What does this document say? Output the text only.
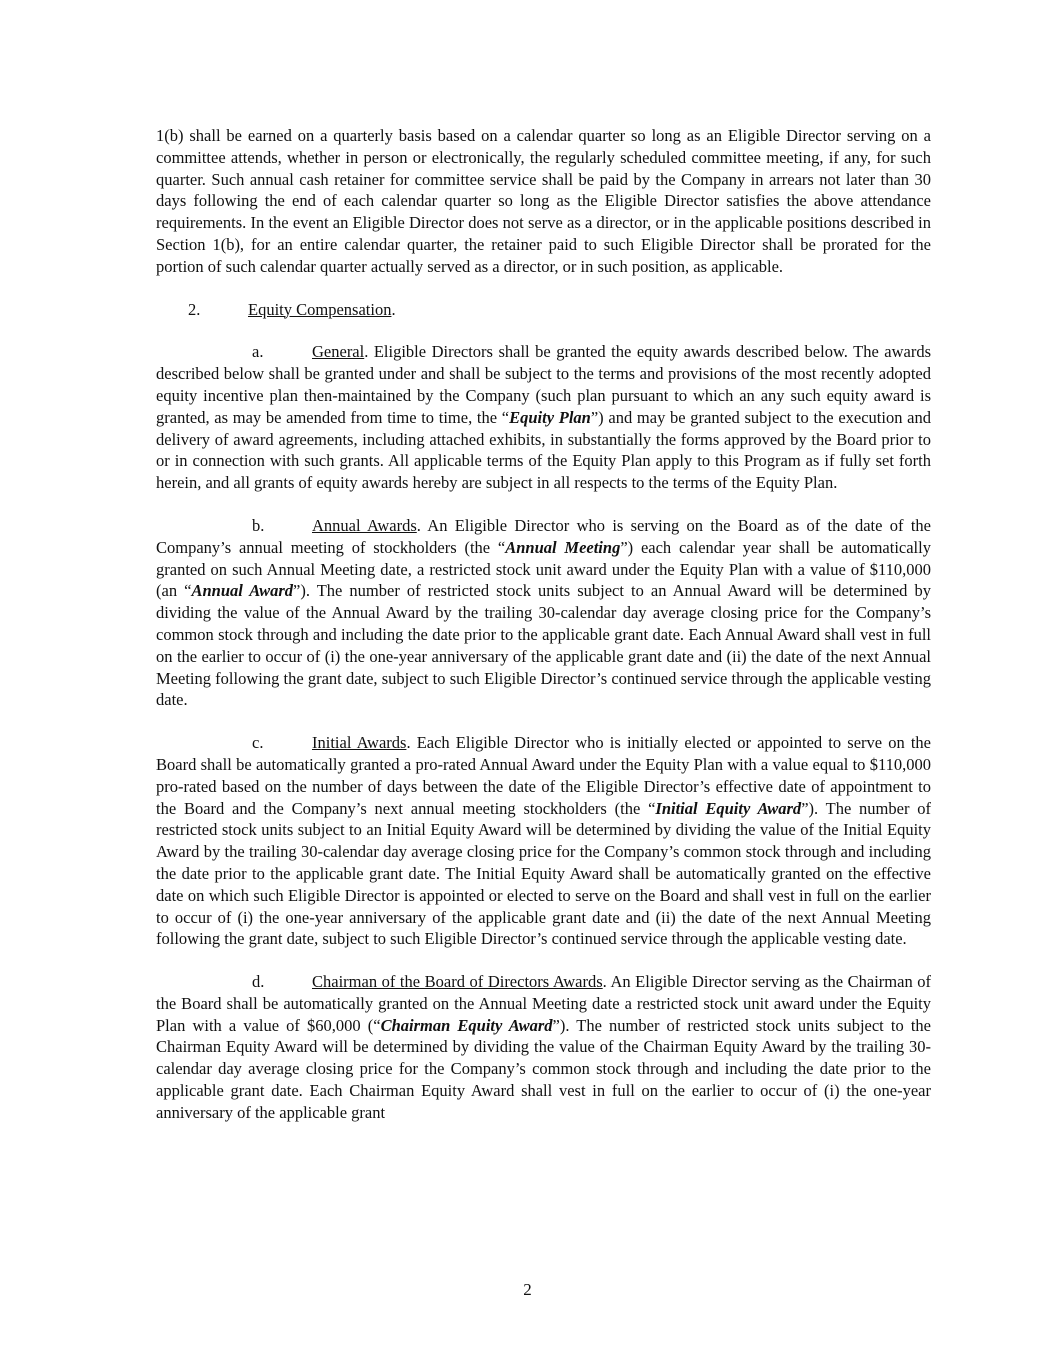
1(b) shall be earned on a quarterly basis based on a calendar quarter so long as an Eligible Director serving on a committee attends, whether in person or electronically, the regularly scheduled committee meeting, if any, for such quarter. Such annual cash retainer for committee service shall be paid by the Company in arrears not later than 30 days following the end of each calendar quarter so long as the Eligible Director satisfies the above attendance requirements. In the event an Eligible Director does not serve as a director, or in the applicable positions described in Section 1(b), for an entire calendar quarter, the retainer paid to such Eligible Director shall be prorated for the portion of such calendar quarter actually served as a director, or in such position, as applicable.

2.	Equity Compensation.

a.	General. Eligible Directors shall be granted the equity awards described below. The awards described below shall be granted under and shall be subject to the terms and provisions of the most recently adopted equity incentive plan then-maintained by the Company (such plan pursuant to which an any such equity award is granted, as may be amended from time to time, the “Equity Plan”) and may be granted subject to the execution and delivery of award agreements, including attached exhibits, in substantially the forms approved by the Board prior to or in connection with such grants. All applicable terms of the Equity Plan apply to this Program as if fully set forth herein, and all grants of equity awards hereby are subject in all respects to the terms of the Equity Plan.

b.	Annual Awards. An Eligible Director who is serving on the Board as of the date of the Company’s annual meeting of stockholders (the “Annual Meeting”) each calendar year shall be automatically granted on such Annual Meeting date, a restricted stock unit award under the Equity Plan with a value of $110,000 (an “Annual Award”). The number of restricted stock units subject to an Annual Award will be determined by dividing the value of the Annual Award by the trailing 30-calendar day average closing price for the Company’s common stock through and including the date prior to the applicable grant date. Each Annual Award shall vest in full on the earlier to occur of (i) the one-year anniversary of the applicable grant date and (ii) the date of the next Annual Meeting following the grant date, subject to such Eligible Director’s continued service through the applicable vesting date.

c.	Initial Awards. Each Eligible Director who is initially elected or appointed to serve on the Board shall be automatically granted a pro-rated Annual Award under the Equity Plan with a value equal to $110,000 pro-rated based on the number of days between the date of the Eligible Director’s effective date of appointment to the Board and the Company’s next annual meeting stockholders (the “Initial Equity Award”). The number of restricted stock units subject to an Initial Equity Award will be determined by dividing the value of the Initial Equity Award by the trailing 30-calendar day average closing price for the Company’s common stock through and including the date prior to the applicable grant date. The Initial Equity Award shall be automatically granted on the effective date on which such Eligible Director is appointed or elected to serve on the Board and shall vest in full on the earlier to occur of (i) the one-year anniversary of the applicable grant date and (ii) the date of the next Annual Meeting following the grant date, subject to such Eligible Director’s continued service through the applicable vesting date.

d.	Chairman of the Board of Directors Awards. An Eligible Director serving as the Chairman of the Board shall be automatically granted on the Annual Meeting date a restricted stock unit award under the Equity Plan with a value of $60,000 (“Chairman Equity Award”). The number of restricted stock units subject to the Chairman Equity Award will be determined by dividing the value of the Chairman Equity Award by the trailing 30-calendar day average closing price for the Company’s common stock through and including the date prior to the applicable grant date. Each Chairman Equity Award shall vest in full on the earlier to occur of (i) the one-year anniversary of the applicable grant

2
